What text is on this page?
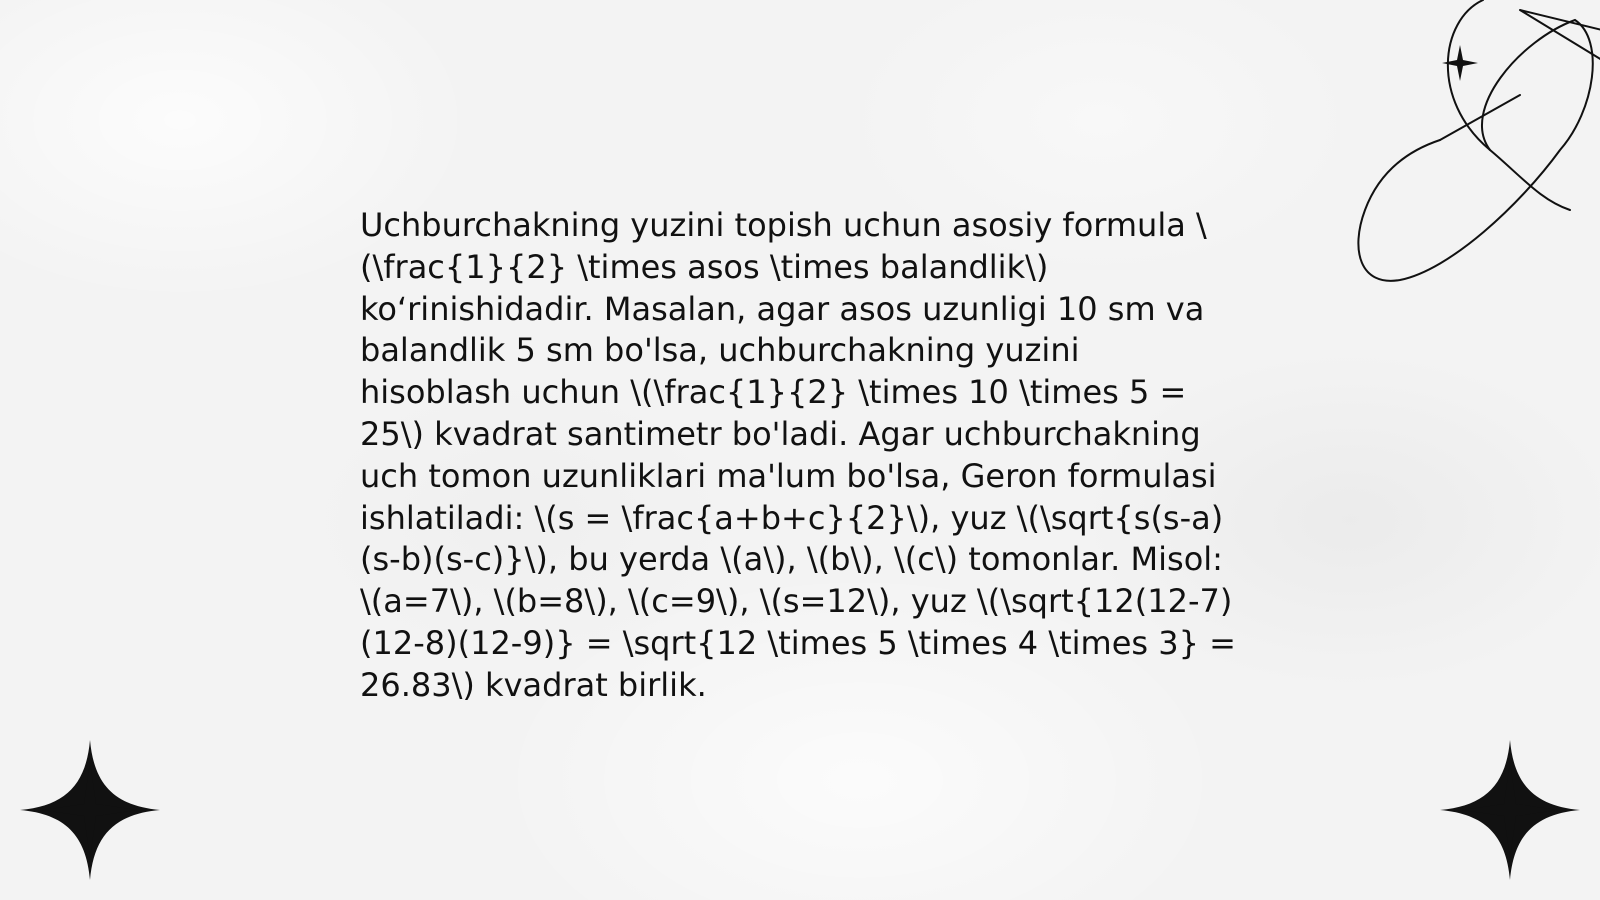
Uchburchakning yuzini topish uchun asosiy formula \(\frac{1}{2} \times asos \times balandlik\) ko‘rinishidadir. Masalan, agar asos uzunligi 10 sm va balandlik 5 sm bo'lsa, uchburchakning yuzini hisoblash uchun \(\frac{1}{2} \times 10 \times 5 = 25\) kvadrat santimetr bo'ladi. Agar uchburchakning uch tomon uzunliklari ma'lum bo'lsa, Geron formulasi ishlatiladi: \(s = \frac{a+b+c}{2}\), yuz \(\sqrt{s(s-a)(s-b)(s-c)}\), bu yerda \(a\), \(b\), \(c\) tomonlar. Misol: \(a=7\), \(b=8\), \(c=9\), \(s=12\), yuz \(\sqrt{12(12-7)(12-8)(12-9)} = \sqrt{12 \times 5 \times 4 \times 3} = 26.83\) kvadrat birlik.
